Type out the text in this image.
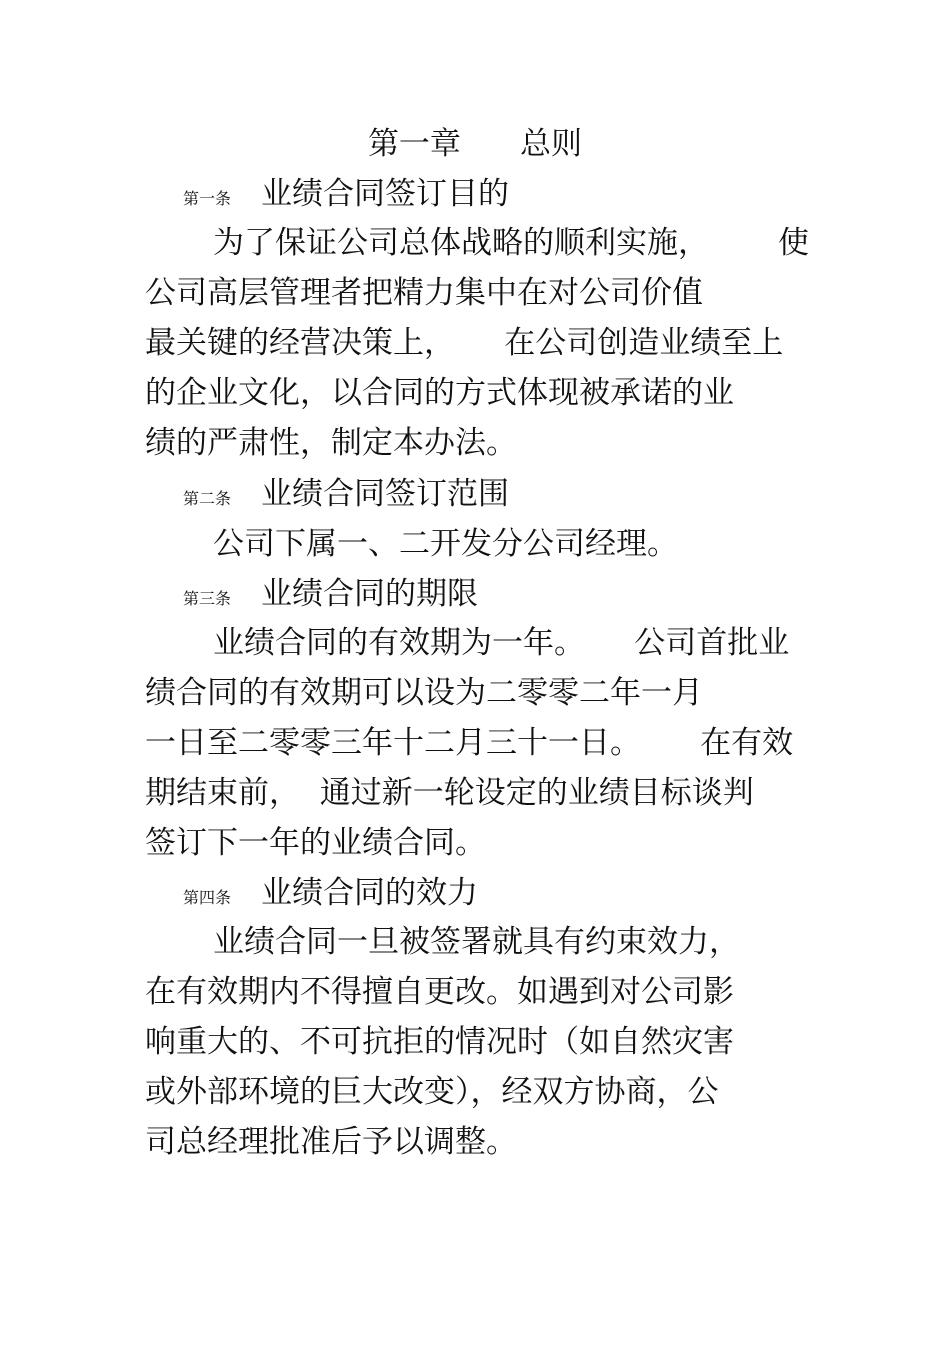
第一章      总则
第一条 业绩合同签订目的
为了保证公司总体战略的顺利实施，       使
公司高层管理者把精力集中在对公司价值
最关键的经营决策上，     在公司创造业绩至上
的企业文化，以合同的方式体现被承诺的业
绩的严肃性，制定本办法。
第二条 业绩合同签订范围
公司下属一、二开发分公司经理。
第三条 业绩合同的期限
业绩合同的有效期为一年。     公司首批业
绩合同的有效期可以设为二零零二年一月
一日至二零零三年十二月三十一日。      在有效
期结束前，  通过新一轮设定的业绩目标谈判
签订下一年的业绩合同。
第四条 业绩合同的效力
业绩合同一旦被签署就具有约束效力，
在有效期内不得擅自更改。如遇到对公司影
响重大的、不可抗拒的情况时（如自然灾害
或外部环境的巨大改变），经双方协商，公
司总经理批准后予以调整。
